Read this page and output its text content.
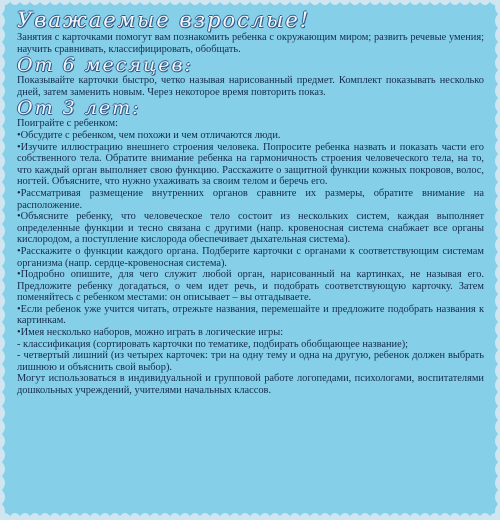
Уважаемые взрослые!

Занятия с карточками помогут вам познакомить ребенка с окружающим миром; развить речевые умения; научить сравнивать, классифицировать, обобщать.

От 6 месяцев:

Показывайте карточки быстро, четко называя нарисованный предмет. Комплект показывать несколько дней, затем заменить новым. Через некоторое время повторить показ.

От 3 лет:

Поиграйте с ребенком:

•Обсудите с ребенком, чем похожи и чем отличаются люди.

•Изучите иллюстрацию внешнего строения человека. Попросите ребенка назвать и показать части его собственного тела. Обратите внимание ребенка на гармоничность строения человеческого тела, на то, что каждый орган выполняет свою функцию. Расскажите о защитной функции кожных покровов, волос, ногтей. Объясните, что нужно ухаживать за своим телом и беречь его.

•Рассматривая размещение внутренних органов сравните их размеры, обратите внимание на расположение.

•Объясните ребенку, что человеческое тело состоит из нескольких систем, каждая выполняет определенные функции и тесно связана с другими (напр. кровеносная система снабжает все органы кислородом, а поступление кислорода обеспечивает дыхательная система).

•Расскажите о функции каждого органа. Подберите карточки с органами к соответствующим системам организма (напр. сердце-кровеносная система).

•Подробно опишите, для чего служит любой орган, нарисованный на картинках, не называя его. Предложите ребенку догадаться, о чем идет речь, и подобрать соответствующую карточку. Затем поменяйтесь с ребенком местами: он описывает – вы отгадываете.

•Если ребенок уже учится читать, отрежьте названия, перемешайте и предложите подобрать названия к картинкам.

•Имея несколько наборов, можно играть в логические игры:

- классификация (сортировать карточки по тематике, подбирать обобщающее название);

- четвертый лишний (из четырех карточек: три на одну тему и одна на другую, ребенок должен выбрать лишнюю и объяснить свой выбор).

Могут использоваться в индивидуальной и групповой работе логопедами, психологами, воспитателями дошкольных учреждений, учителями начальных классов.
